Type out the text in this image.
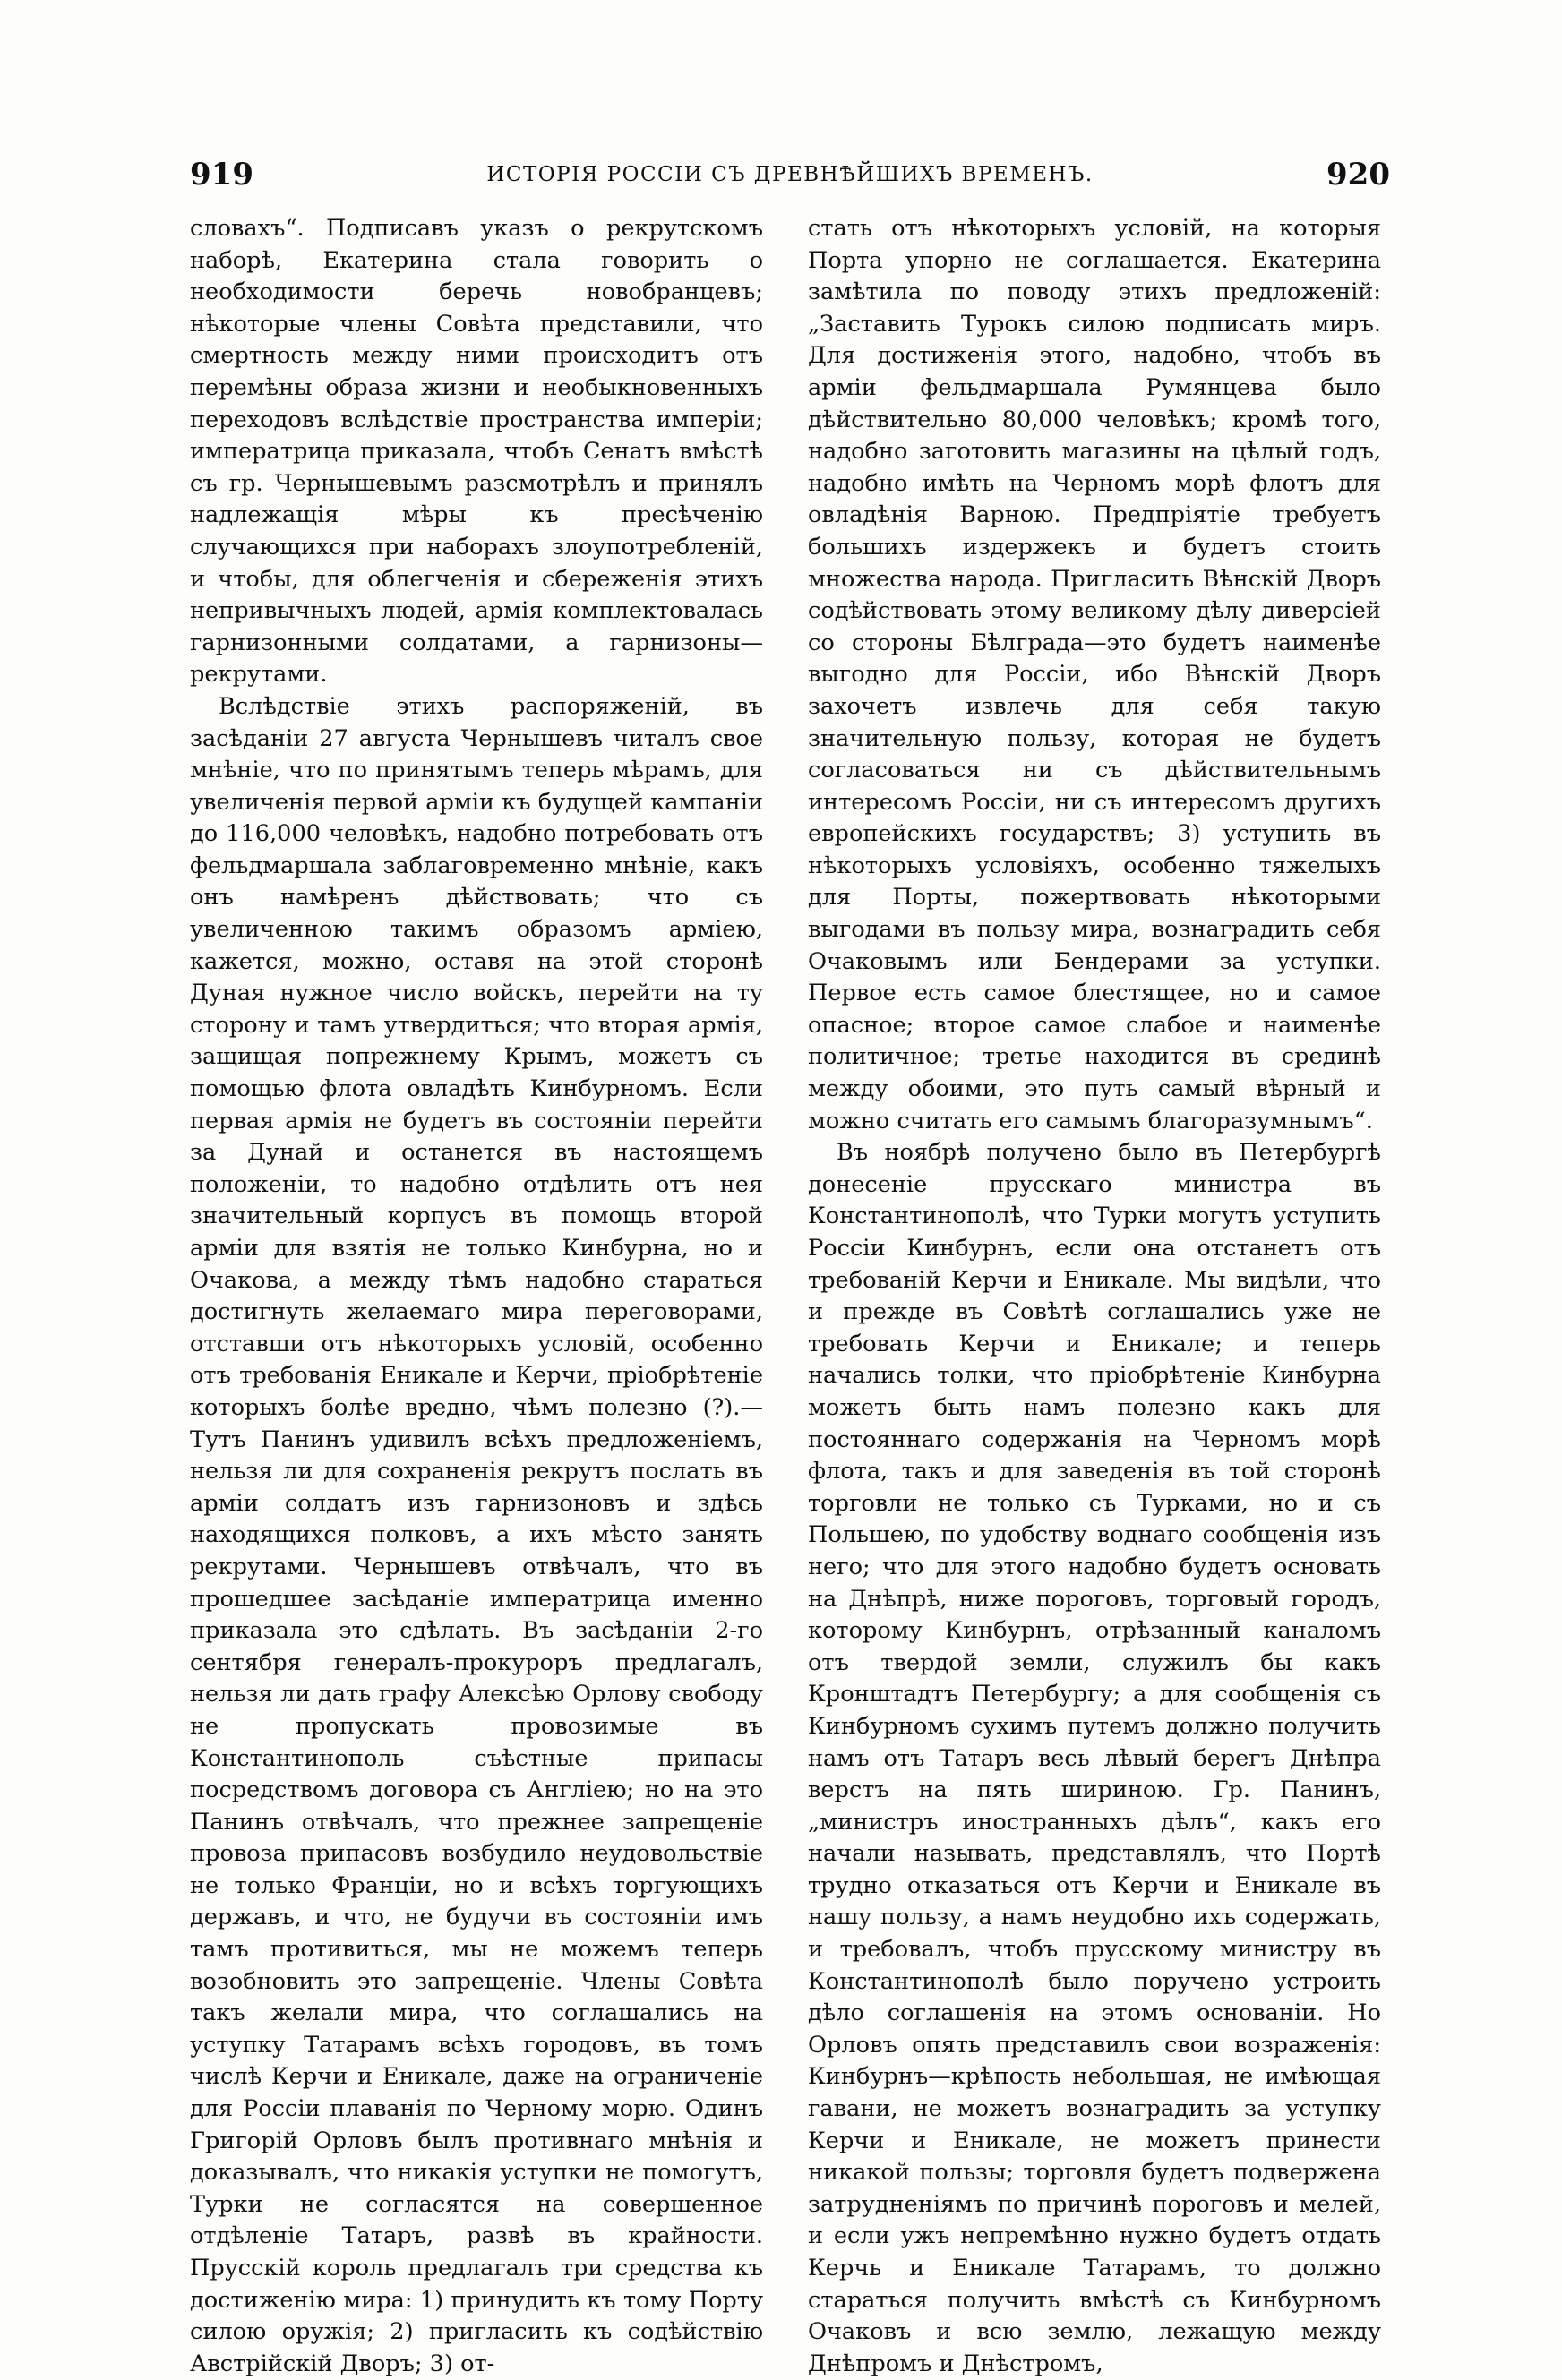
919	ИСТОРІЯ РОССІИ СЪ ДРЕВНѢЙШИХЪ ВРЕМЕНЪ.	920

словахъ“. Подписавъ указъ о рекрутскомъ наборѣ, Екатерина стала говорить о необходимости беречь новобранцевъ; нѣкоторые члены Совѣта представили, что смертность между ними происходитъ отъ перемѣны образа жизни и необыкновенныхъ переходовъ вслѣдствіе пространства имперіи; императрица приказала, чтобъ Сенатъ вмѣстѣ съ гр. Чернышевымъ разсмотрѣлъ и принялъ надлежащія мѣры къ пресѣченію случающихся при наборахъ злоупотребленій, и чтобы, для облегченія и сбереженія этихъ непривычныхъ людей, армія комплектовалась гарнизонными солдатами, а гарнизоны—рекрутами.

Вслѣдствіе этихъ распоряженій, въ засѣданіи 27 августа Чернышевъ читалъ свое мнѣніе, что по принятымъ теперь мѣрамъ, для увеличенія первой арміи къ будущей кампаніи до 116,000 человѣкъ, надобно потребовать отъ фельдмаршала заблаговременно мнѣніе, какъ онъ намѣренъ дѣйствовать; что съ увеличенною такимъ образомъ арміею, кажется, можно, оставя на этой сторонѣ Дуная нужное число войскъ, перейти на ту сторону и тамъ утвердиться; что вторая армія, защищая попрежнему Крымъ, можетъ съ помощью флота овладѣть Кинбурномъ. Если первая армія не будетъ въ состояніи перейти за Дунай и останется въ настоящемъ положеніи, то надобно отдѣлить отъ нея значительный корпусъ въ помощь второй арміи для взятія не только Кинбурна, но и Очакова, а между тѣмъ надобно стараться достигнуть желаемаго мира переговорами, отставши отъ нѣкоторыхъ условій, особенно отъ требованія Еникале и Керчи, пріобрѣтеніе которыхъ болѣе вредно, чѣмъ полезно (?).—Тутъ Панинъ удивилъ всѣхъ предложеніемъ, нельзя ли для сохраненія рекрутъ послать въ арміи солдатъ изъ гарнизоновъ и здѣсь находящихся полковъ, а ихъ мѣсто занять рекрутами. Чернышевъ отвѣчалъ, что въ прошедшее засѣданіе императрица именно приказала это сдѣлать. Въ засѣданіи 2-го сентября генералъ-прокуроръ предлагалъ, нельзя ли дать графу Алексѣю Орлову свободу не пропускать провозимые въ Константинополь съѣстные припасы посредствомъ договора съ Англіею; но на это Панинъ отвѣчалъ, что прежнее запрещеніе провоза припасовъ возбудило неудовольствіе не только Франціи, но и всѣхъ торгующихъ державъ, и что, не будучи въ состояніи имъ тамъ противиться, мы не можемъ теперь возобновить это запрещеніе. Члены Совѣта такъ желали мира, что соглашались на уступку Татарамъ всѣхъ городовъ, въ томъ числѣ Керчи и Еникале, даже на ограниченіе для Россіи плаванія по Черному морю. Одинъ Григорій Орловъ былъ противнаго мнѣнія и доказывалъ, что никакія уступки не помогутъ, Турки не согласятся на совершенное отдѣленіе Татаръ, развѣ въ крайности. Прусскій король предлагалъ три средства къ достиженію мира: 1) принудить къ тому Порту силою оружія; 2) пригласить къ содѣйствію Австрійскій Дворъ; 3) от-

стать отъ нѣкоторыхъ условій, на которыя Порта упорно не соглашается. Екатерина замѣтила по поводу этихъ предложеній: „Заставить Турокъ силою подписать миръ. Для достиженія этого, надобно, чтобъ въ арміи фельдмаршала Румянцева было дѣйствительно 80,000 человѣкъ; кромѣ того, надобно заготовить магазины на цѣлый годъ, надобно имѣть на Черномъ морѣ флотъ для овладѣнія Варною. Предпріятіе требуетъ большихъ издержекъ и будетъ стоить множества народа. Пригласить Вѣнскій Дворъ содѣйствовать этому великому дѣлу диверсіей со стороны Бѣлграда—это будетъ наименѣе выгодно для Россіи, ибо Вѣнскій Дворъ захочетъ извлечь для себя такую значительную пользу, которая не будетъ согласоваться ни съ дѣйствительнымъ интересомъ Россіи, ни съ интересомъ другихъ европейскихъ государствъ; 3) уступить въ нѣкоторыхъ условіяхъ, особенно тяжелыхъ для Порты, пожертвовать нѣкоторыми выгодами въ пользу мира, вознаградить себя Очаковымъ или Бендерами за уступки. Первое есть самое блестящее, но и самое опасное; второе самое слабое и наименѣе политичное; третье находится въ срединѣ между обоими, это путь самый вѣрный и можно считать его самымъ благоразумнымъ“.

Въ ноябрѣ получено было въ Петербургѣ донесеніе прусскаго министра въ Константинополѣ, что Турки могутъ уступить Россіи Кинбурнъ, если она отстанетъ отъ требованій Керчи и Еникале. Мы видѣли, что и прежде въ Совѣтѣ соглашались уже не требовать Керчи и Еникале; и теперь начались толки, что пріобрѣтеніе Кинбурна можетъ быть намъ полезно какъ для постояннаго содержанія на Черномъ морѣ флота, такъ и для заведенія въ той сторонѣ торговли не только съ Турками, но и съ Польшею, по удобству воднаго сообщенія изъ него; что для этого надобно будетъ основать на Днѣпрѣ, ниже пороговъ, торговый городъ, которому Кинбурнъ, отрѣзанный каналомъ отъ твердой земли, служилъ бы какъ Кронштадтъ Петербургу; а для сообщенія съ Кинбурномъ сухимъ путемъ должно получить намъ отъ Татаръ весь лѣвый берегъ Днѣпра верстъ на пять шириною. Гр. Панинъ, „министръ иностранныхъ дѣлъ“, какъ его начали называть, представлялъ, что Портѣ трудно отказаться отъ Керчи и Еникале въ нашу пользу, а намъ неудобно ихъ содержать, и требовалъ, чтобъ прусскому министру въ Константинополѣ было поручено устроить дѣло соглашенія на этомъ основаніи. Но Орловъ опять представилъ свои возраженія: Кинбурнъ—крѣпость небольшая, не имѣющая гавани, не можетъ вознаградить за уступку Керчи и Еникале, не можетъ принести никакой пользы; торговля будетъ подвержена затрудненіямъ по причинѣ пороговъ и мелей, и если ужъ непремѣнно нужно будетъ отдать Керчь и Еникале Татарамъ, то должно стараться получить вмѣстѣ съ Кинбурномъ Очаковъ и всю землю, лежащую между Днѣпромъ и Днѣстромъ,
